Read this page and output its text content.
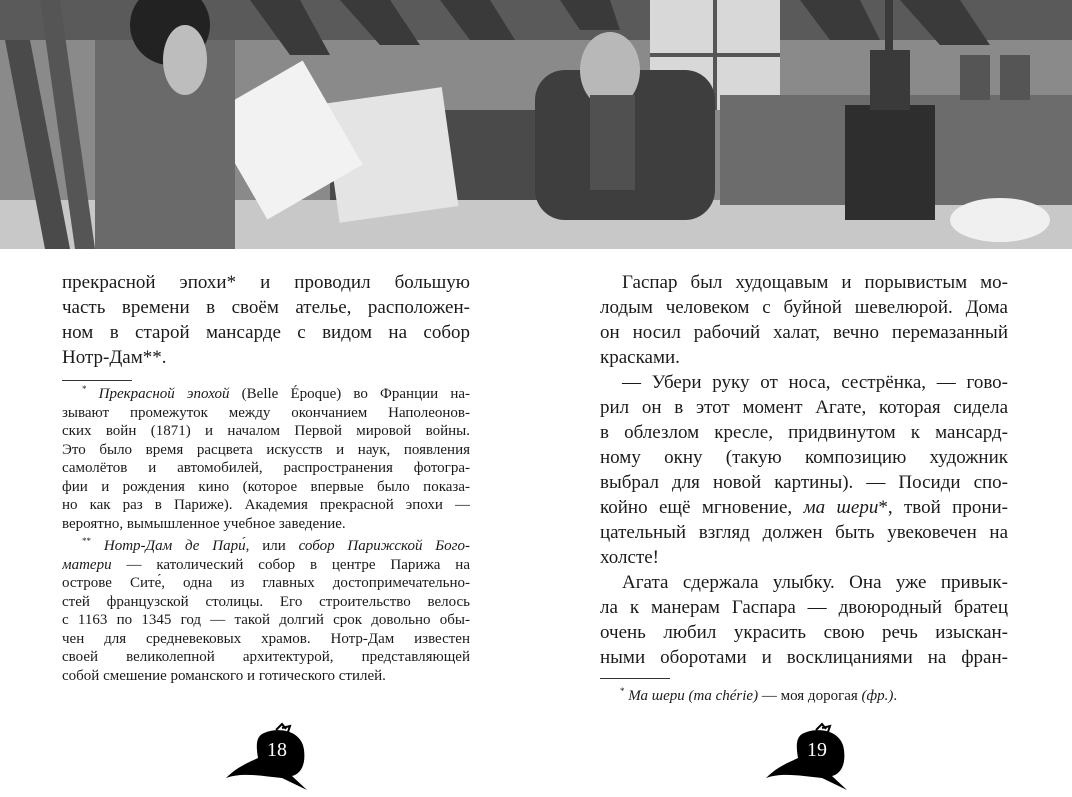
прекрасной эпохи* и проводил большую
часть времени в своём ателье, расположен-
ном в старой мансарде с видом на собор
Нотр-Дам**.
* Прекрасной эпохой (Belle Époque) во Франции на-
зывают промежуток между окончанием Наполеонов-
ских войн (1871) и началом Первой мировой войны.
Это было время расцвета искусств и наук, появления
самолётов и автомобилей, распространения фотогра-
фии и рождения кино (которое впервые было показа-
но как раз в Париже). Академия прекрасной эпохи —
вероятно, вымышленное учебное заведение.
** Нотр-Дам де Пари́, или собор Парижской Бого-
матери — католический собор в центре Парижа на
острове Сите́, одна из главных достопримечательно-
стей французской столицы. Его строительство велось
с 1163 по 1345 год — такой долгий срок довольно обы-
чен для средневековых храмов. Нотр-Дам известен
своей великолепной архитектурой, представляющей
собой смешение романского и готического стилей.
Гаспар был худощавым и порывистым мо-
лодым человеком с буйной шевелюрой. Дома
он носил рабочий халат, вечно перемазанный
красками.
— Убери руку от носа, сестрёнка, — гово-
рил он в этот момент Агате, которая сидела
в облезлом кресле, придвинутом к мансард-
ному окну (такую композицию художник
выбрал для новой картины). — Посиди спо-
койно ещё мгновение, ма шери*, твой прони-
цательный взгляд должен быть увековечен на
холсте!
Агата сдержала улыбку. Она уже привык-
ла к манерам Гаспара — двоюродный братец
очень любил украсить свою речь изыскан-
ными оборотами и восклицаниями на фран-
* Ма шери (ma chérie) — моя дорогая (фр.).
18	19
